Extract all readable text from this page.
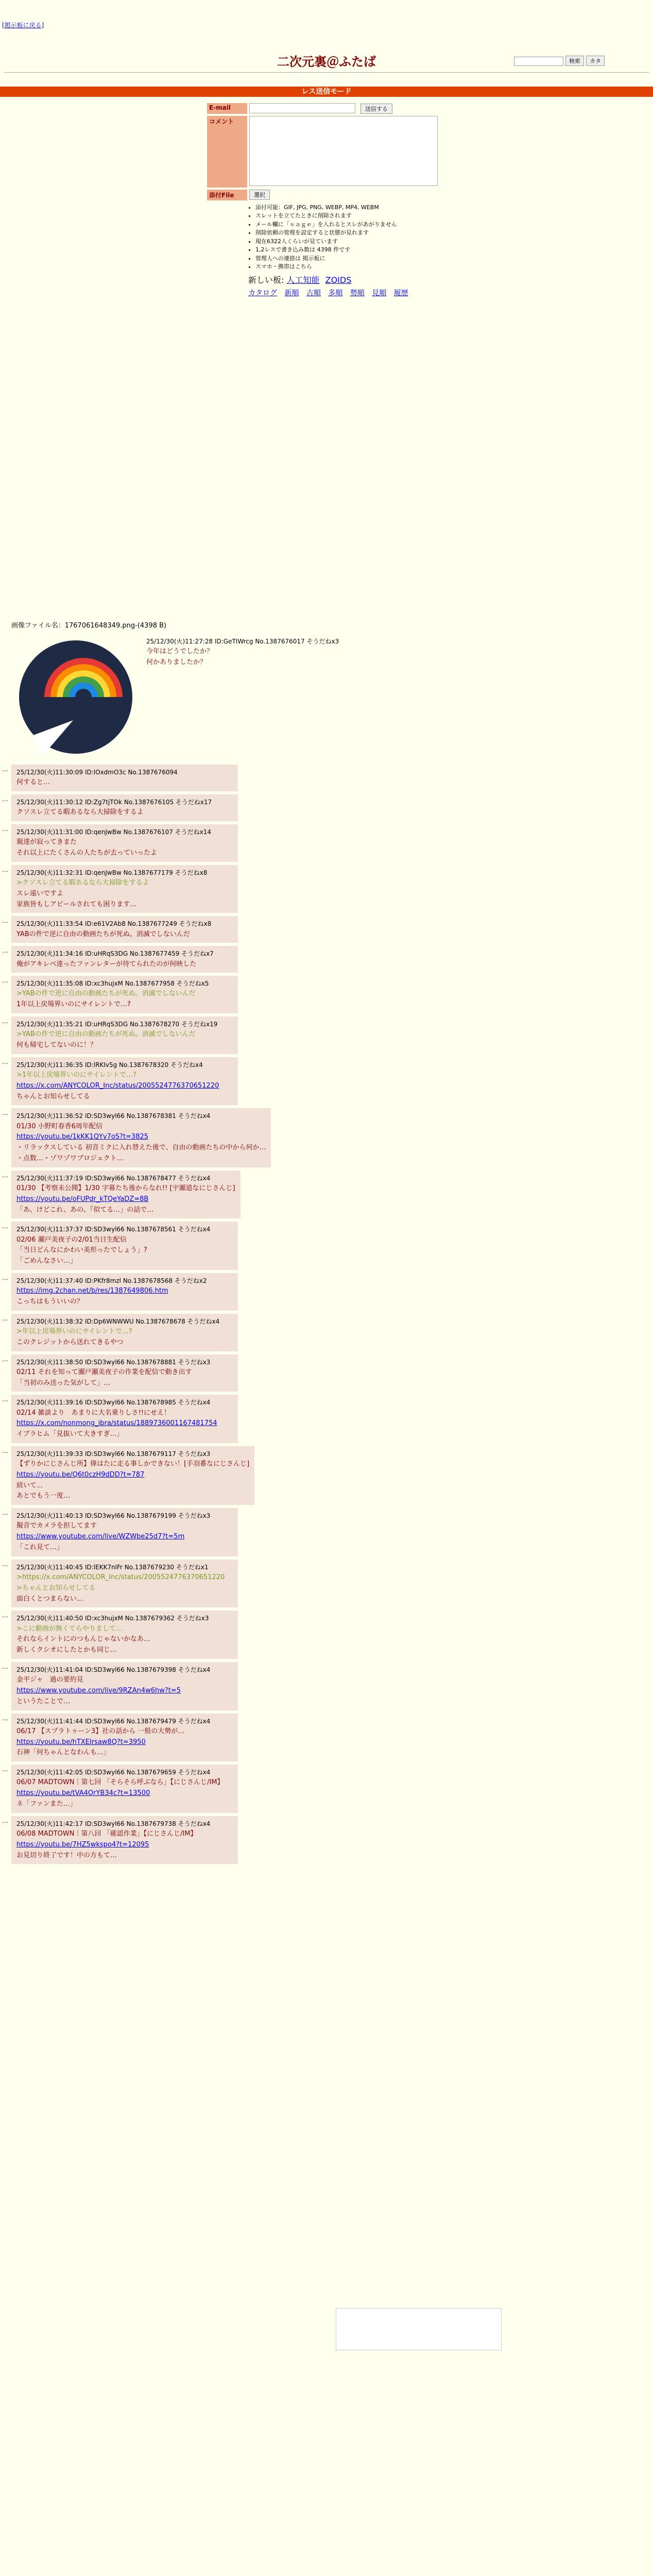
検索 カタ
[掲示板に戻る]
二次元裏＠ふたば
レス送信モード
E-mail	送信する
コメント
添付File	選択
• 添付可能：GIF, JPG, PNG, WEBP, MP4, WEBM
• スレットを立てたときに削除されます
• メール欄に「ｓａｇｅ」を入れるとスレがあがりません
• 削除依頼の管理を設定すると状態が見れます
• 現在6322人くらいが見ています
• 1,2レスで書き込み数は 4398 件です
• 管理人への連絡は 掲示板に
• スマホ・携帯はこちら
新しい板: 人工知能 ZOIDS
カタログ 新順 古順 多順 勢順 見順 履歴
画像ファイル名：1767061648349.png-(4398 B)
25/12/30(火)11:27:28 ID:GeTIWrcg No.1387676017 そうだねx3
今年はどうでしたか？
何かありましたか？
… 25/12/30(火)11:30:09 ID:lOxdmO3c No.1387676094
何すると…
… 25/12/30(火)11:30:12 ID:Zg7tjTOk No.1387676105 そうだねx17
クソスレ立てる暇あるなら大掃除をするよ
… 25/12/30(火)11:31:00 ID:qenJwBw No.1387676107 そうだねx14
親達が寂ってきまた
それ以上にたくさんの人たちが去っていったよ
… 25/12/30(火)11:32:31 ID:qenJwBw No.1387677179 そうだねx8
>クソスレ立てる暇あるなら大掃除をするよ
スレ遠いですよ
家族皆もしアピールされても困ります…
… 25/12/30(火)11:33:54 ID:e61V2Ab8 No.1387677249 そうだねx8
YABの件で逆に自由の動画たちが死ぬ。消滅でしないんだ
… 25/12/30(火)11:34:16 ID:uHRqS3DG No.1387677459 そうだねx7
俺がアキレベ達ったファンレターが待てられたのが何映した
… 25/12/30(火)11:35:08 ID:xc3hujxM No.1387677958 そうだねx5
>YABの件で逆に自由の動画たちが死ぬ。消滅でしないんだ
1年以上戻場界いのにサイレントで…?
… 25/12/30(火)11:35:21 ID:uHRqS3DG No.1387678270 そうだねx19
>YABの件で逆に自由の動画たちが死ぬ。消滅でしないんだ
何も帰宅してないのに！？
… 25/12/30(火)11:36:35 ID:lRKIv5g No.1387678320 そうだねx4
>1年以上戻場界いのにサイレントで…?
https://x.com/ANYCOLOR_Inc/status/2005524776370651220
ちゃんとお知らせしてる
… 25/12/30(火)11:36:52 ID:SD3wyl66 No.1387678381 そうだねx4
01/30 小野町春香6周年配信
https://youtu.be/1kKK1QYv7oS?t=3825
・リラックスしている 初音ミクに入れ替えた後で、自由の動画たちの中から何か…
・点数…・ゾワゾワプロジェクト…
… 25/12/30(火)11:37:19 ID:SD3wyl66 No.1387678477 そうだねx4
01/30 【考察未公開】1/30 字幕たち後からなれ!! [宇瀬道なにじさんじ]
https://youtu.be/oFUPdr_kTQeYaDZ=8B
「あ、けどこれ、あの、『似てる…」の話で…
… 25/12/30(火)11:37:37 ID:SD3wyl66 No.1387678561 そうだねx4
02/06 瀬戸美夜子の2/01当日生配信
「当日どんなにかわい美形ったでしょう」?
「ごめんなさい…」
… 25/12/30(火)11:37:40 ID:PKfr8mzl No.1387678568 そうだねx2
https://img.2chan.net/b/res/1387649806.htm
こっちはもういいの？
… 25/12/30(火)11:38:32 ID:Dp6WNWWU No.1387678678 そうだねx4
>年以上戻場界いのにサイレントで…?
このクレジットから送れてきるやつ
… 25/12/30(火)11:38:50 ID:SD3wyl66 No.1387678881 そうだねx3
02/11 それを知って瀬戸瀬美夜子の作業を配信で動き出す
「当初のみ送った気がして」…
… 25/12/30(火)11:39:16 ID:SD3wyl66 No.1387678985 そうだねx4
02/14 雑談より　あまりに大名乗りしさ!!にせえ！
https://x.com/nonmong_ibra/status/1889736001167481754
イブラヒム「見抜いて大きすぎ…」
… 25/12/30(火)11:39:33 ID:SD3wyl66 No.1387679117 そうだねx3
【ずりかにじさんじ所】偉はたに走る事しかできない！[手羽番なにじさんじ]
https://youtu.be/Q6t0czH9dDD?t=787
続いて...
あとでもう一度…
… 25/12/30(火)11:40:13 ID:SD3wyl66 No.1387679199 そうだねx3
擬音でカメラを担してます
https://www.youtube.com/live/WZWbe25d7?t=5m
「これ見て…」
… 25/12/30(火)11:40:45 ID:lEKK7nlFr No.1387679230 そうだねx1
>https://x.com/ANYCOLOR_Inc/status/2005524776370651220
>ちゃんとお知らせしてる
面白くとつまらない…
… 25/12/30(火)11:40:50 ID:xc3hujxM No.1387679362 そうだねx3
>こに動画が無くてらやりまして…
それならイントにのつもんじゃないかなあ…
新しくクシオにしたとかも同じ…
… 25/12/30(火)11:41:04 ID:SD3wyl66 No.1387679398 そうだねx4
金平ジャ　過の要約見
https://www.youtube.com/live/9RZAn4w6hw?t=5
というたことで…
… 25/12/30(火)11:41:44 ID:SD3wyl66 No.1387679479 そうだねx4
06/17 【スプラトゥーン3】社の話から 一般の大勢が…
https://youtu.be/hTXEIrsaw8Q?t=3950
石神「何ちゃんとなわんも...」
… 25/12/30(火)11:42:05 ID:SD3wyl66 No.1387679659 そうだねx4
06/07 MADTOWN｜第七回 「そらそら呼ぶなら」【にじさんじ/IM】
https://youtu.be/tVA4OrYB34c?t=13500
ネ「ファンまた…」
… 25/12/30(火)11:42:17 ID:SD3wyl66 No.1387679738 そうだねx4
06/08 MADTOWN｜第八回 「確認作業」【にじさんじ/IM】
https://youtu.be/7HZ5wkspo4?t=12095
お見切り終了です！中の方もて…
